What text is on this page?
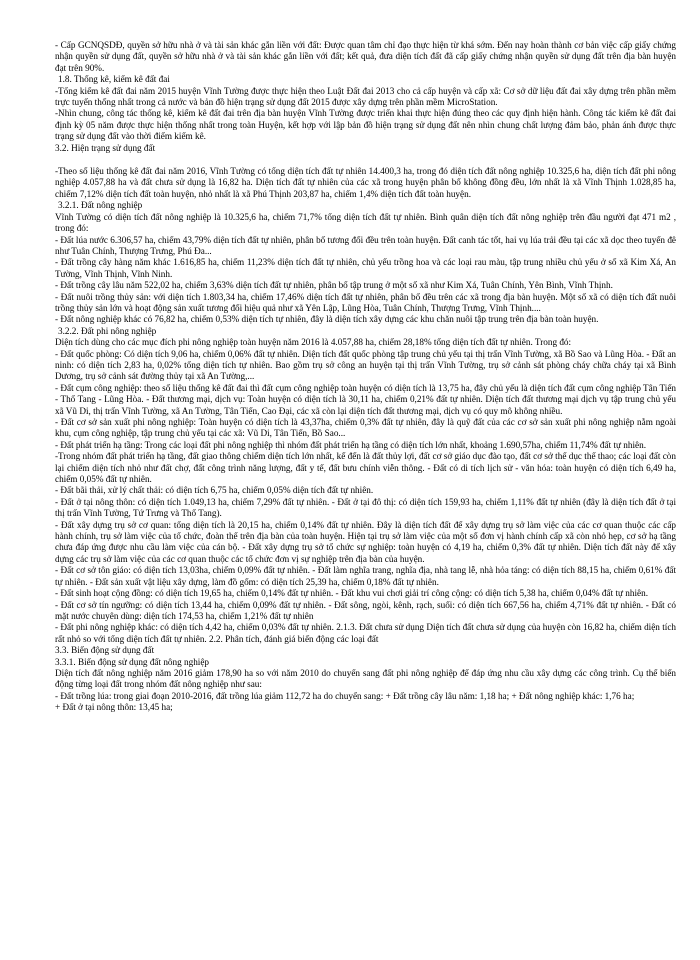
- Cấp GCNQSDĐ, quyền sở hữu nhà ở và tài sản khác gắn liền với đất: Được quan tâm chỉ đạo thực hiện từ khá sớm. Đến nay hoàn thành cơ bản việc cấp giấy chứng nhận quyền sử dụng đất, quyền sở hữu nhà ở và tài sản khác gắn liền với đất; kết quả, đưa diện tích đất đã cấp giấy chứng nhận quyền sử dụng đất trên địa bàn huyện đạt trên 90%.

1.8. Thống kê, kiểm kê đất đai

-Tổng kiểm kê đất đai năm 2015 huyện Vĩnh Tường được thực hiện theo Luật Đất đai 2013 cho cả cấp huyện và cấp xã: Cơ sở dữ liệu đất đai xây dựng trên phần mềm trực tuyến thống nhất trong cả nước và bản đồ hiện trạng sử dụng đất 2015 được xây dựng trên phần mềm MicroStation.

-Nhìn chung, công tác thống kê, kiểm kê đất đai trên địa bàn huyện Vĩnh Tường được triển khai thực hiện đúng theo các quy định hiện hành. Công tác kiểm kê đất đai định kỳ 05 năm được thực hiện thống nhất trong toàn Huyện, kết hợp với lập bản đồ hiện trạng sử dụng đất nên nhìn chung chất lượng đảm bảo, phản ánh được thực trạng sử dụng đất vào thời điểm kiểm kê.

3.2. Hiện trạng sử dụng đất

-Theo số liệu thống kê đất đai năm 2016, Vĩnh Tường có tổng diện tích đất tự nhiên 14.400,3 ha, trong đó diện tích đất nông nghiệp 10.325,6 ha, diện tích đất phi nông nghiệp 4.057,88 ha và đất chưa sử dụng là 16,82 ha. Diện tích đất tự nhiên của các xã trong huyện phân bố không đồng đều, lớn nhất là xã Vĩnh Thịnh 1.028,85 ha, chiếm 7,12% diện tích đất toàn huyện, nhỏ nhất là xã Phú Thịnh 203,87 ha, chiếm 1,4% diện tích đất toàn huyện.

3.2.1. Đất nông nghiệp

Vĩnh Tường có diện tích đất nông nghiệp là 10.325,6 ha, chiếm 71,7% tổng diện tích đất tự nhiên. Bình quân diện tích đất nông nghiệp trên đầu người đạt 471 m2 , trong đó:

- Đất lúa nước 6.306,57 ha, chiếm 43,79% diện tích đất tự nhiên, phân bố tương đối đều trên toàn huyện. Đất canh tác tốt, hai vụ lúa trải đều tại các xã dọc theo tuyến đê như Tuân Chính, Thượng Trưng, Phú Đa...

- Đất trồng cây hàng năm khác 1.616,85 ha, chiếm 11,23% diện tích đất tự nhiên, chủ yếu trồng hoa và các loại rau màu, tập trung nhiều chủ yếu ở số xã Kim Xá, An Tường, Vĩnh Thịnh, Vĩnh Ninh.

- Đất trồng cây lâu năm 522,02 ha, chiếm 3,63% diện tích đất tự nhiên, phân bổ tập trung ở một số xã như Kim Xá, Tuân Chính, Yên Bình, Vĩnh Thịnh.

- Đất nuôi trồng thủy sản: với diện tích 1.803,34 ha, chiếm 17,46% diện tích đất tự nhiên, phân bổ đều trên các xã trong địa bàn huyện. Một số xã có diện tích đất nuôi trồng thủy sản lớn và hoạt động sản xuất tương đối hiệu quả như xã Yên Lập, Lũng Hòa, Tuân Chính, Thượng Trưng, Vĩnh Thịnh....

- Đất nông nghiệp khác có 76,82 ha, chiếm 0,53% diện tích tự nhiên, đây là diện tích xây dựng các khu chăn nuôi tập trung trên địa bàn toàn huyện.

3.2.2. Đất phi nông nghiệp

Diện tích dùng cho các mục đích phi nông nghiệp toàn huyện năm 2016 là 4.057,88 ha, chiếm 28,18% tổng diện tích đất tự nhiên. Trong đó:

- Đất quốc phòng: Có diện tích 9,06 ha, chiếm 0,06% đất tự nhiên. Diện tích đất quốc phòng tập trung chủ yếu tại thị trấn Vĩnh Tường, xã Bồ Sao và Lũng Hòa. - Đất an ninh: có diện tích 2,83 ha, 0,02% tổng diện tích tự nhiên. Bao gồm trụ sở công an huyện tại thị trấn Vĩnh Tường, trụ sở cảnh sát phòng cháy chữa cháy tại xã Bình Dương, trụ sở cảnh sát đường thủy tại xã An Tường,...

- Đất cụm công nghiệp: theo số liệu thống kê đất đai thì đất cụm công nghiệp toàn huyện có diện tích là 13,75 ha, đây chủ yếu là diện tích đất cụm công nghiệp Tân Tiến - Thổ Tang - Lũng Hòa. - Đất thương mại, dịch vụ: Toàn huyện có diện tích là 30,11 ha, chiếm 0,21% đất tự nhiên. Diện tích đất thương mại dịch vụ tập trung chủ yếu xã Vũ Di, thị trấn Vĩnh Tường, xã An Tường, Tân Tiến, Cao Đại, các xã còn lại diện tích đất thương mại, dịch vụ có quy mô không nhiều.

- Đất cơ sở sản xuất phi nông nghiệp: Toàn huyện có diện tích là 43,37ha, chiếm 0,3% đất tự nhiên, đây là quỹ đất của các cơ sở sản xuất phi nông nghiệp nằm ngoài khu, cụm công nghiệp, tập trung chủ yếu tại các xã: Vũ Di, Tân Tiến, Bồ Sao...

- Đất phát triển hạ tầng: Trong các loại đất phi nông nghiệp thì nhóm đất phát triển hạ tầng có diện tích lớn nhất, khoảng 1.690,57ha, chiếm 11,74% đất tự nhiên.

-Trong nhóm đất phát triển hạ tầng, đất giao thông chiếm diện tích lớn nhất, kế đến là đất thủy lợi, đất cơ sở giáo dục đào tạo, đất cơ sở thể dục thể thao; các loại đất còn lại chiếm diện tích nhỏ như đất chợ, đất công trình năng lượng, đất y tế, đất bưu chính viễn thông. - Đất có di tích lịch sử - văn hóa: toàn huyện có diện tích 6,49 ha, chiếm 0,05% đất tự nhiên.

- Đất bãi thải, xử lý chất thải: có diện tích 6,75 ha, chiếm 0,05% diện tích đất tự nhiên.

- Đất ở tại nông thôn: có diện tích 1.049,13 ha, chiếm 7,29% đất tự nhiên. - Đất ở tại đô thị: có diện tích 159,93 ha, chiếm 1,11% đất tự nhiên (đây là diện tích đất ở tại thị trấn Vĩnh Tường, Tứ Trưng và Thổ Tang).

- Đất xây dựng trụ sở cơ quan: tổng diện tích là 20,15 ha, chiếm 0,14% đất tự nhiên. Đây là diện tích đất để xây dựng trụ sở làm việc của các cơ quan thuộc các cấp hành chính, trụ sở làm việc của tổ chức, đoàn thể trên địa bàn của toàn huyện. Hiện tại trụ sở làm việc của một số đơn vị hành chính cấp xã còn nhỏ hẹp, cơ sở hạ tầng chưa đáp ứng được nhu cầu làm việc của cán bộ. - Đất xây dựng trụ sở tổ chức sự nghiệp: toàn huyện có 4,19 ha, chiếm 0,3% đất tự nhiên. Diện tích đất này để xây dựng các trụ sở làm việc của các cơ quan thuộc các tổ chức đơn vị sự nghiệp trên địa bàn của huyện.

- Đất cơ sở tôn giáo: có diện tích 13,03ha, chiếm 0,09% đất tự nhiên. - Đất làm nghĩa trang, nghĩa địa, nhà tang lễ, nhà hỏa táng: có diện tích 88,15 ha, chiếm 0,61% đất tự nhiên. - Đất sản xuất vật liệu xây dựng, làm đồ gốm: có diện tích 25,39 ha, chiếm 0,18% đất tự nhiên.

- Đất sinh hoạt cộng đồng: có diện tích 19,65 ha, chiếm 0,14% đất tự nhiên. - Đất khu vui chơi giải trí công cộng: có diện tích 5,38 ha, chiếm 0,04% đất tự nhiên.

- Đất cơ sở tín ngưỡng: có diện tích 13,44 ha, chiếm 0,09% đất tự nhiên. - Đất sông, ngòi, kênh, rạch, suối: có diện tích 667,56 ha, chiếm 4,71% đất tự nhiên. - Đất có mặt nước chuyên dùng: diện tích 174,53 ha, chiếm 1,21% đất tự nhiên

- Đất phi nông nghiệp khác: có diện tích 4,42 ha, chiếm 0,03% đất tự nhiên. 2.1.3. Đất chưa sử dụng Diện tích đất chưa sử dụng của huyện còn 16,82 ha, chiếm diện tích rất nhỏ so với tổng diện tích đất tự nhiên. 2.2. Phân tích, đánh giá biến động các loại đất

3.3. Biến động sử dụng đất

3.3.1. Biến động sử dụng đất nông nghiệp

Diện tích đất nông nghiệp năm 2016 giảm 178,90 ha so với năm 2010 do chuyển sang đất phi nông nghiệp để đáp ứng nhu cầu xây dựng các công trình. Cụ thể biến động từng loại đất trong nhóm đất nông nghiệp như sau:

- Đất trồng lúa: trong giai đoạn 2010-2016, đất trồng lúa giảm 112,72 ha do chuyển sang: + Đất trồng cây lâu năm: 1,18 ha; + Đất nông nghiệp khác: 1,76 ha;

+ Đất ở tại nông thôn: 13,45 ha;
